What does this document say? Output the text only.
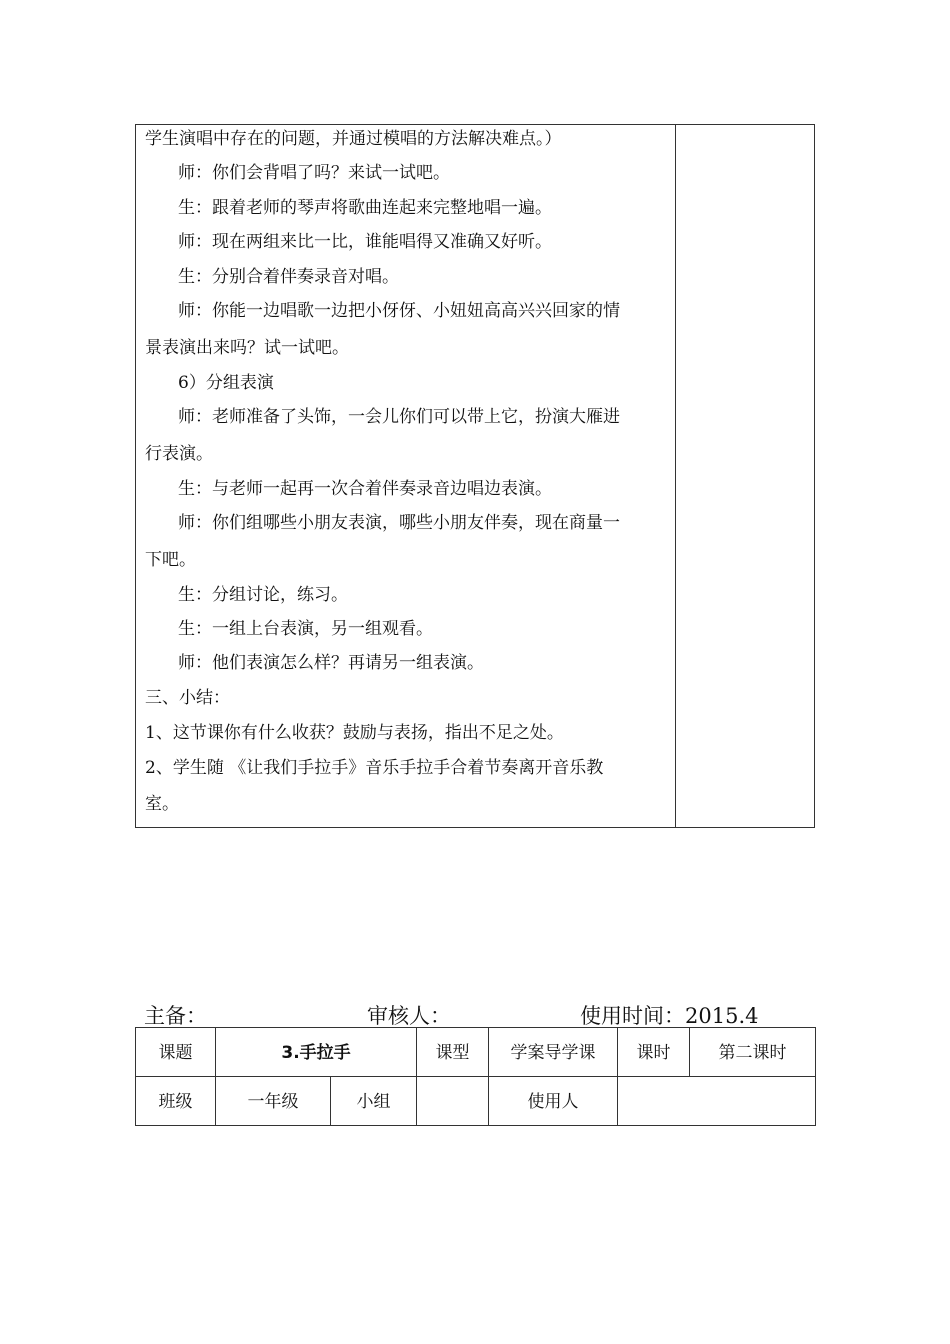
学生演唱中存在的问题，并通过模唱的方法解决难点。）
师：你们会背唱了吗？来试一试吧。
生：跟着老师的琴声将歌曲连起来完整地唱一遍。
师：现在两组来比一比，谁能唱得又准确又好听。
生：分别合着伴奏录音对唱。
师：你能一边唱歌一边把小伢伢、小妞妞高高兴兴回家的情
景表演出来吗？试一试吧。
6）分组表演
师：老师准备了头饰，一会儿你们可以带上它，扮演大雁进
行表演。
生：与老师一起再一次合着伴奏录音边唱边表演。
师：你们组哪些小朋友表演，哪些小朋友伴奏，现在商量一
下吧。
生：分组讨论，练习。
生：一组上台表演，另一组观看。
师：他们表演怎么样？再请另一组表演。
三、小结：
1、这节课你有什么收获？鼓励与表扬，指出不足之处。
2、学生随 《让我们手拉手》音乐手拉手合着节奏离开音乐教
室。
主备：	审核人：	使用时间：2015.4
课题	3.手拉手		课型	学案导学课	课时	第二课时
班级	一年级	小组		使用人		
